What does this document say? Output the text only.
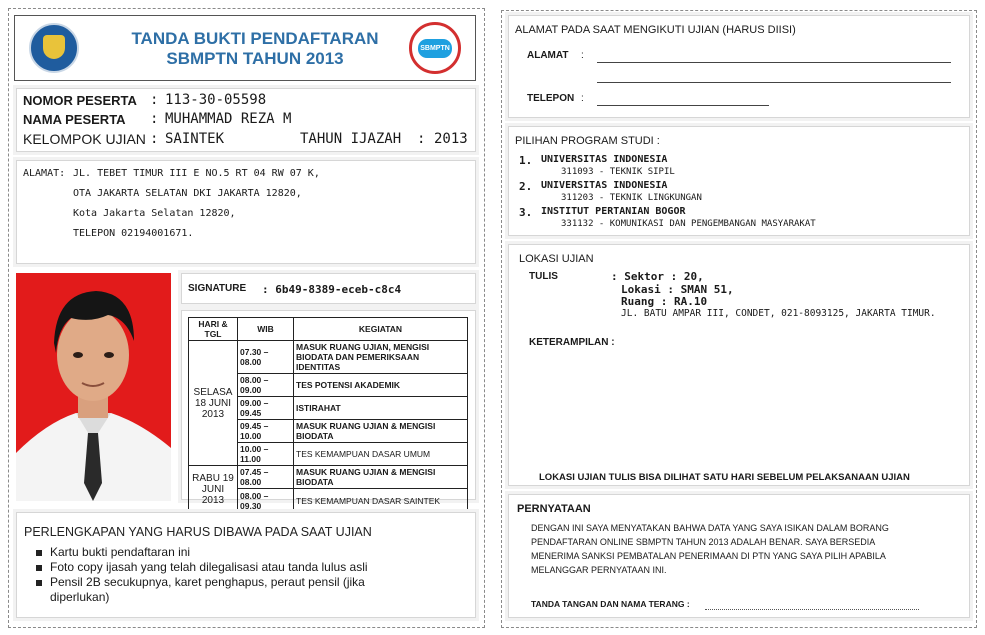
TANDA BUKTI PENDAFTARAN
SBMPTN TAHUN 2013
SBMPTN
NOMOR PESERTA : 113-30-05598
NAMA PESERTA : MUHAMMAD REZA M
KELOMPOK UJIAN : SAINTEK	TAHUN IJAZAH : 2013
ALAMAT: JL. TEBET TIMUR III E NO.5 RT 04 RW 07 K,
OTA JAKARTA SELATAN DKI JAKARTA 12820,
Kota Jakarta Selatan 12820,
TELEPON 02194001671.
SIGNATURE : 6b49-8389-eceb-c8c4
HARI & TGL	WIB	KEGIATAN
SELASA 18 JUNI 2013	07.30 – 08.00	MASUK RUANG UJIAN, MENGISI BIODATA DAN PEMERIKSAAN IDENTITAS
	08.00 – 09.00	TES POTENSI AKADEMIK
	09.00 – 09.45	ISTIRAHAT
	09.45 – 10.00	MASUK RUANG UJIAN & MENGISI BIODATA
	10.00 – 11.00	TES KEMAMPUAN DASAR UMUM
RABU 19 JUNI 2013	07.45 – 08.00	MASUK RUANG UJIAN & MENGISI BIODATA
	08.00 – 09.30	TES KEMAMPUAN DASAR SAINTEK
PERLENGKAPAN YANG HARUS DIBAWA PADA SAAT UJIAN
Kartu bukti pendaftaran ini
Foto copy ijasah yang telah dilegalisasi atau tanda lulus asli
Pensil 2B secukupnya, karet penghapus, peraut pensil (jika diperlukan)
ALAMAT PADA SAAT MENGIKUTI UJIAN (HARUS DIISI)
ALAMAT :
TELEPON :
PILIHAN PROGRAM STUDI :
1. UNIVERSITAS INDONESIA
311093 - TEKNIK SIPIL
2. UNIVERSITAS INDONESIA
311203 - TEKNIK LINGKUNGAN
3. INSTITUT PERTANIAN BOGOR
331132 - KOMUNIKASI DAN PENGEMBANGAN MASYARAKAT
LOKASI UJIAN
TULIS	: Sektor : 20,
Lokasi : SMAN 51,
Ruang : RA.10
JL. BATU AMPAR III, CONDET, 021-8093125, JAKARTA TIMUR.
KETERAMPILAN :
LOKASI UJIAN TULIS BISA DILIHAT SATU HARI SEBELUM PELAKSANAAN UJIAN
PERNYATAAN
DENGAN INI SAYA MENYATAKAN BAHWA DATA YANG SAYA ISIKAN DALAM BORANG
PENDAFTARAN ONLINE SBMPTN TAHUN 2013 ADALAH BENAR. SAYA BERSEDIA
MENERIMA SANKSI PEMBATALAN PENERIMAAN DI PTN YANG SAYA PILIH APABILA
MELANGGAR PERNYATAAN INI.
TANDA TANGAN DAN NAMA TERANG :
